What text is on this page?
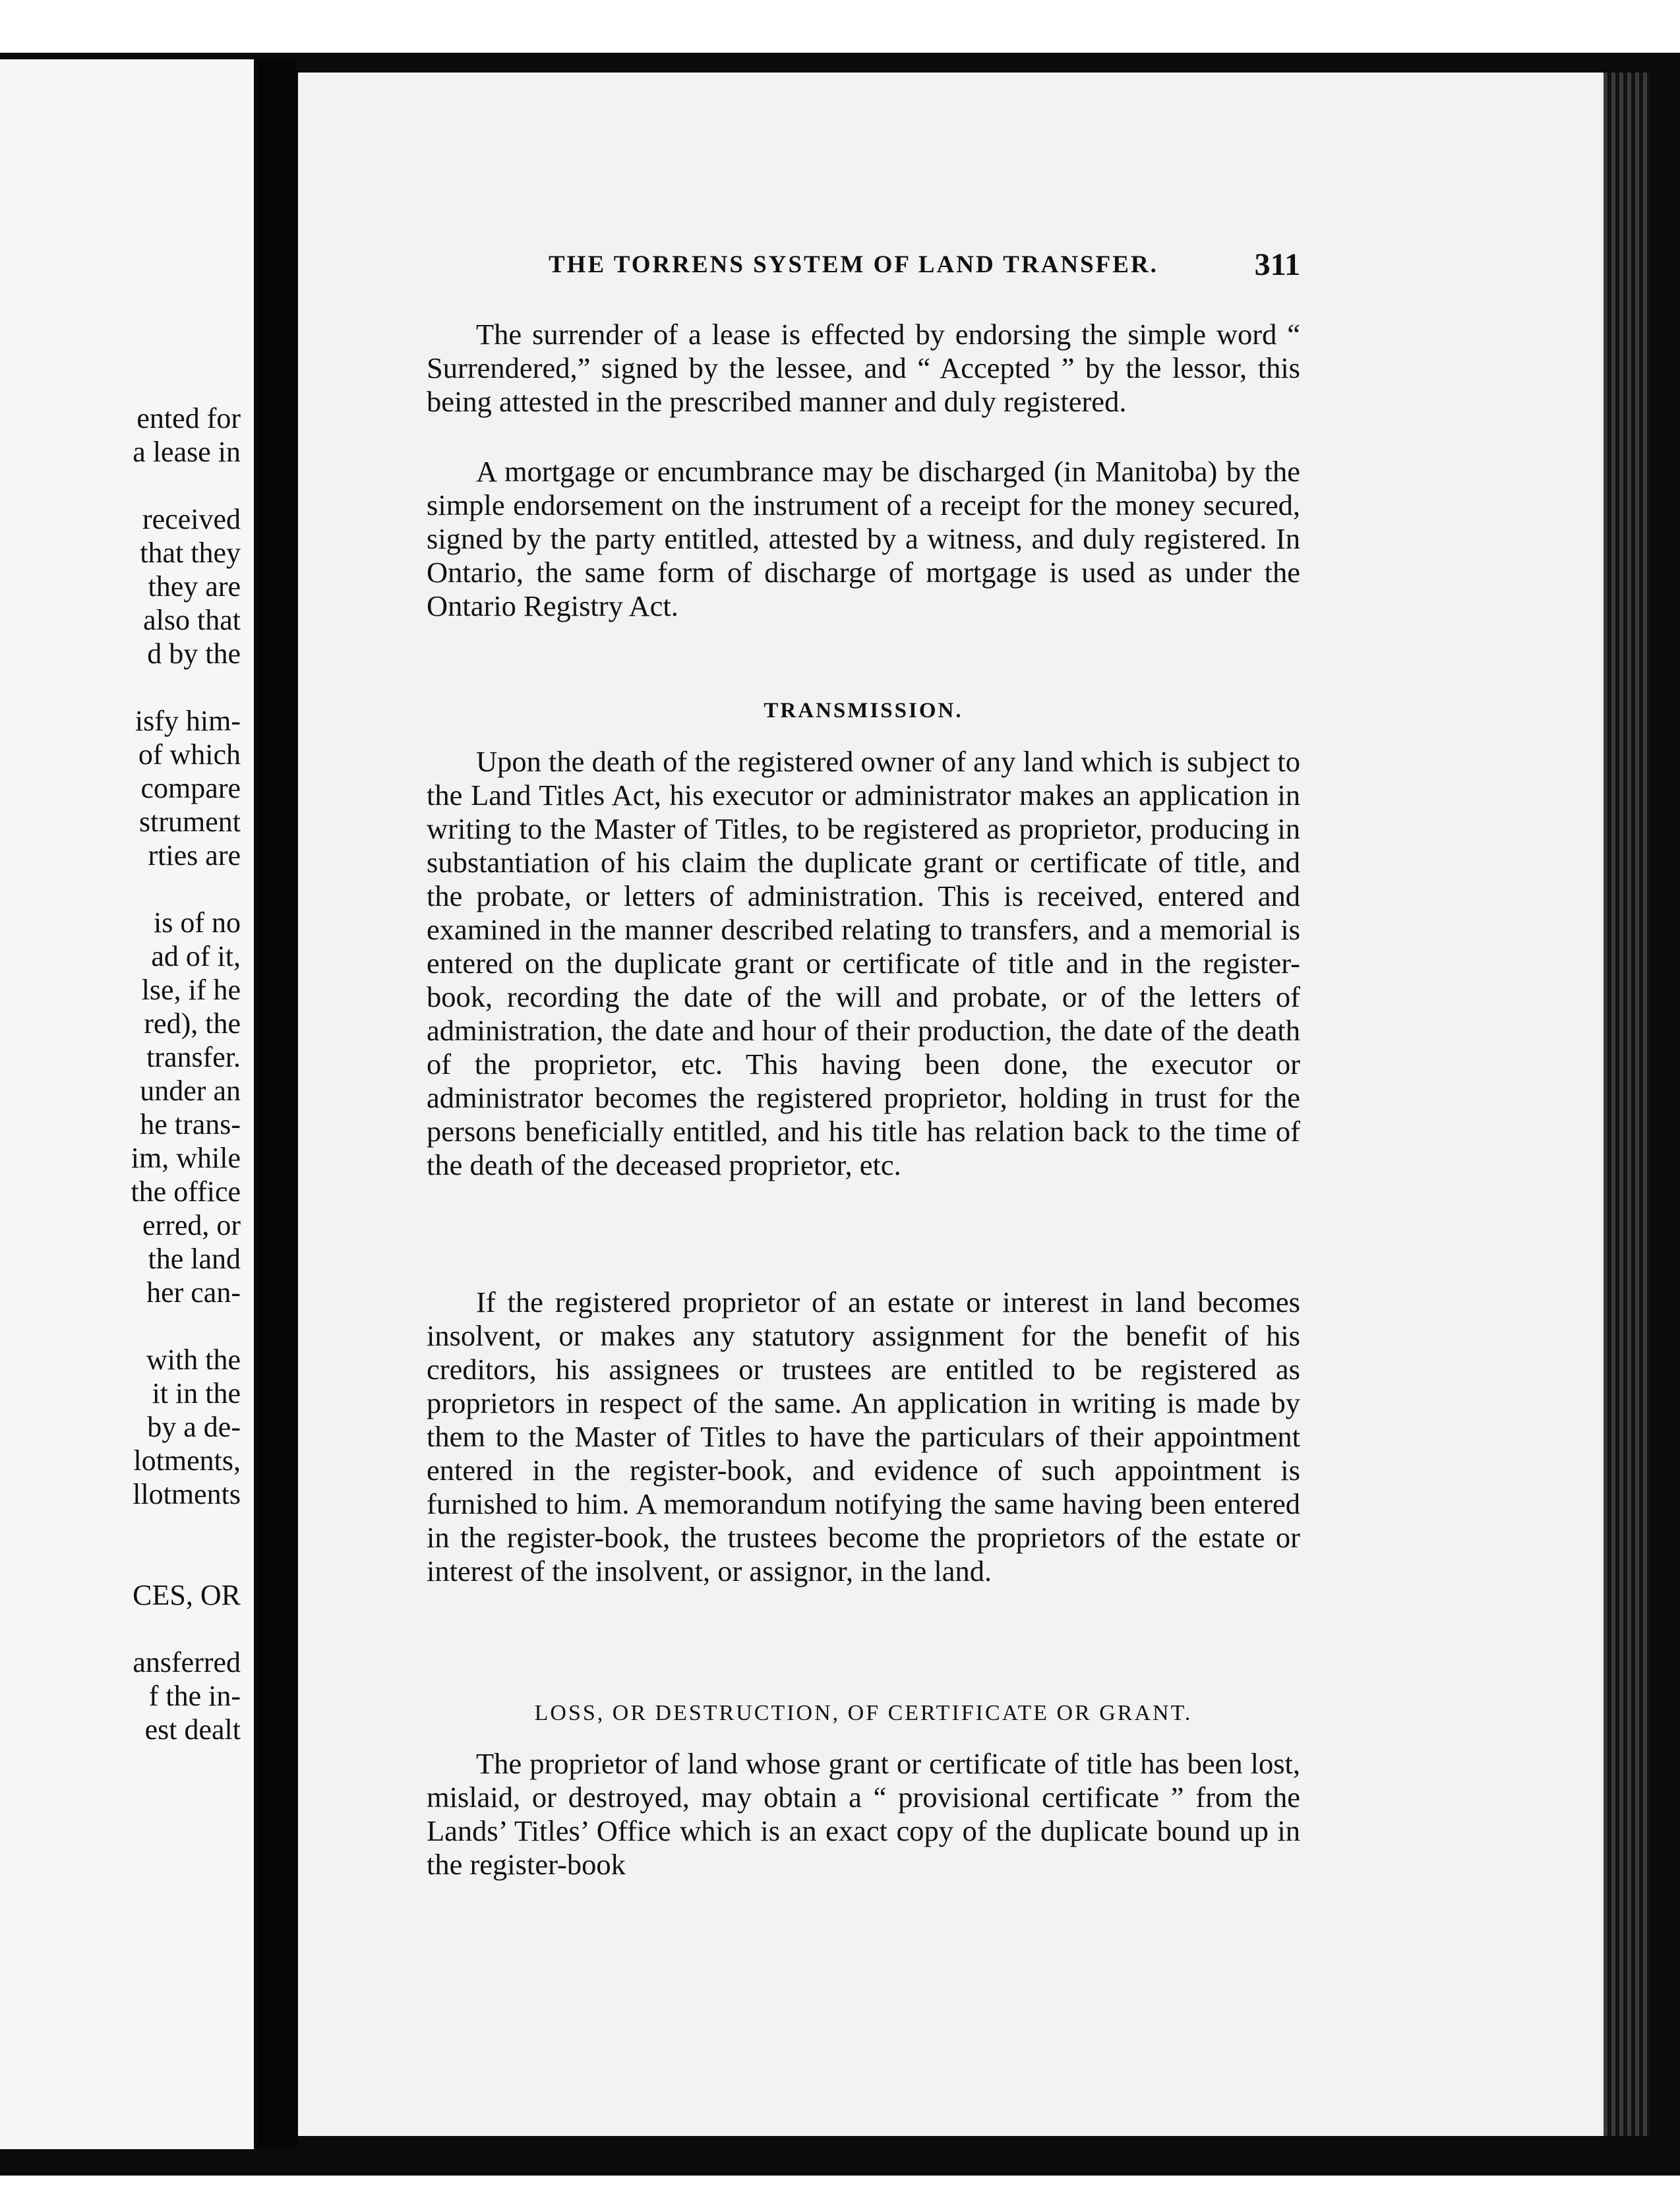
ented for
a lease in
received
that they
they are
also that
d by the
isfy him-
of which
compare
strument
rties are
is of no
ad of it,
lse, if he
red), the
transfer.
under an
he trans-
im, while
the office
erred, or
the land
her can-
with the
it in the
by a de-
lotments,
llotments
CES, OR
ansferred
f the in-
est dealt
THE TORRENS SYSTEM OF LAND TRANSFER.	311

The surrender of a lease is effected by endorsing the simple word “ Surrendered,” signed by the lessee, and “ Accepted ” by the lessor, this being attested in the prescribed manner and duly registered.

A mortgage or encumbrance may be discharged (in Manitoba) by the simple endorsement on the instrument of a receipt for the money secured, signed by the party entitled, attested by a witness, and duly registered. In Ontario, the same form of discharge of mortgage is used as under the Ontario Registry Act.

TRANSMISSION.

Upon the death of the registered owner of any land which is subject to the Land Titles Act, his executor or administrator makes an application in writing to the Master of Titles, to be registered as proprietor, producing in substantiation of his claim the duplicate grant or certificate of title, and the probate, or letters of administration. This is received, entered and examined in the manner described relating to transfers, and a memorial is entered on the duplicate grant or certificate of title and in the register-book, recording the date of the will and probate, or of the letters of administration, the date and hour of their production, the date of the death of the proprietor, etc. This having been done, the executor or administrator becomes the registered proprietor, holding in trust for the persons beneficially entitled, and his title has relation back to the time of the death of the deceased proprietor, etc.

If the registered proprietor of an estate or interest in land becomes insolvent, or makes any statutory assignment for the benefit of his creditors, his assignees or trustees are entitled to be registered as proprietors in respect of the same. An application in writing is made by them to the Master of Titles to have the particulars of their appointment entered in the register-book, and evidence of such appointment is furnished to him. A memorandum notifying the same having been entered in the register-book, the trustees become the proprietors of the estate or interest of the insolvent, or assignor, in the land.

LOSS, OR DESTRUCTION, OF CERTIFICATE OR GRANT.

The proprietor of land whose grant or certificate of title has been lost, mislaid, or destroyed, may obtain a “ provisional certificate ” from the Lands’ Titles’ Office which is an exact copy of the duplicate bound up in the register-book
